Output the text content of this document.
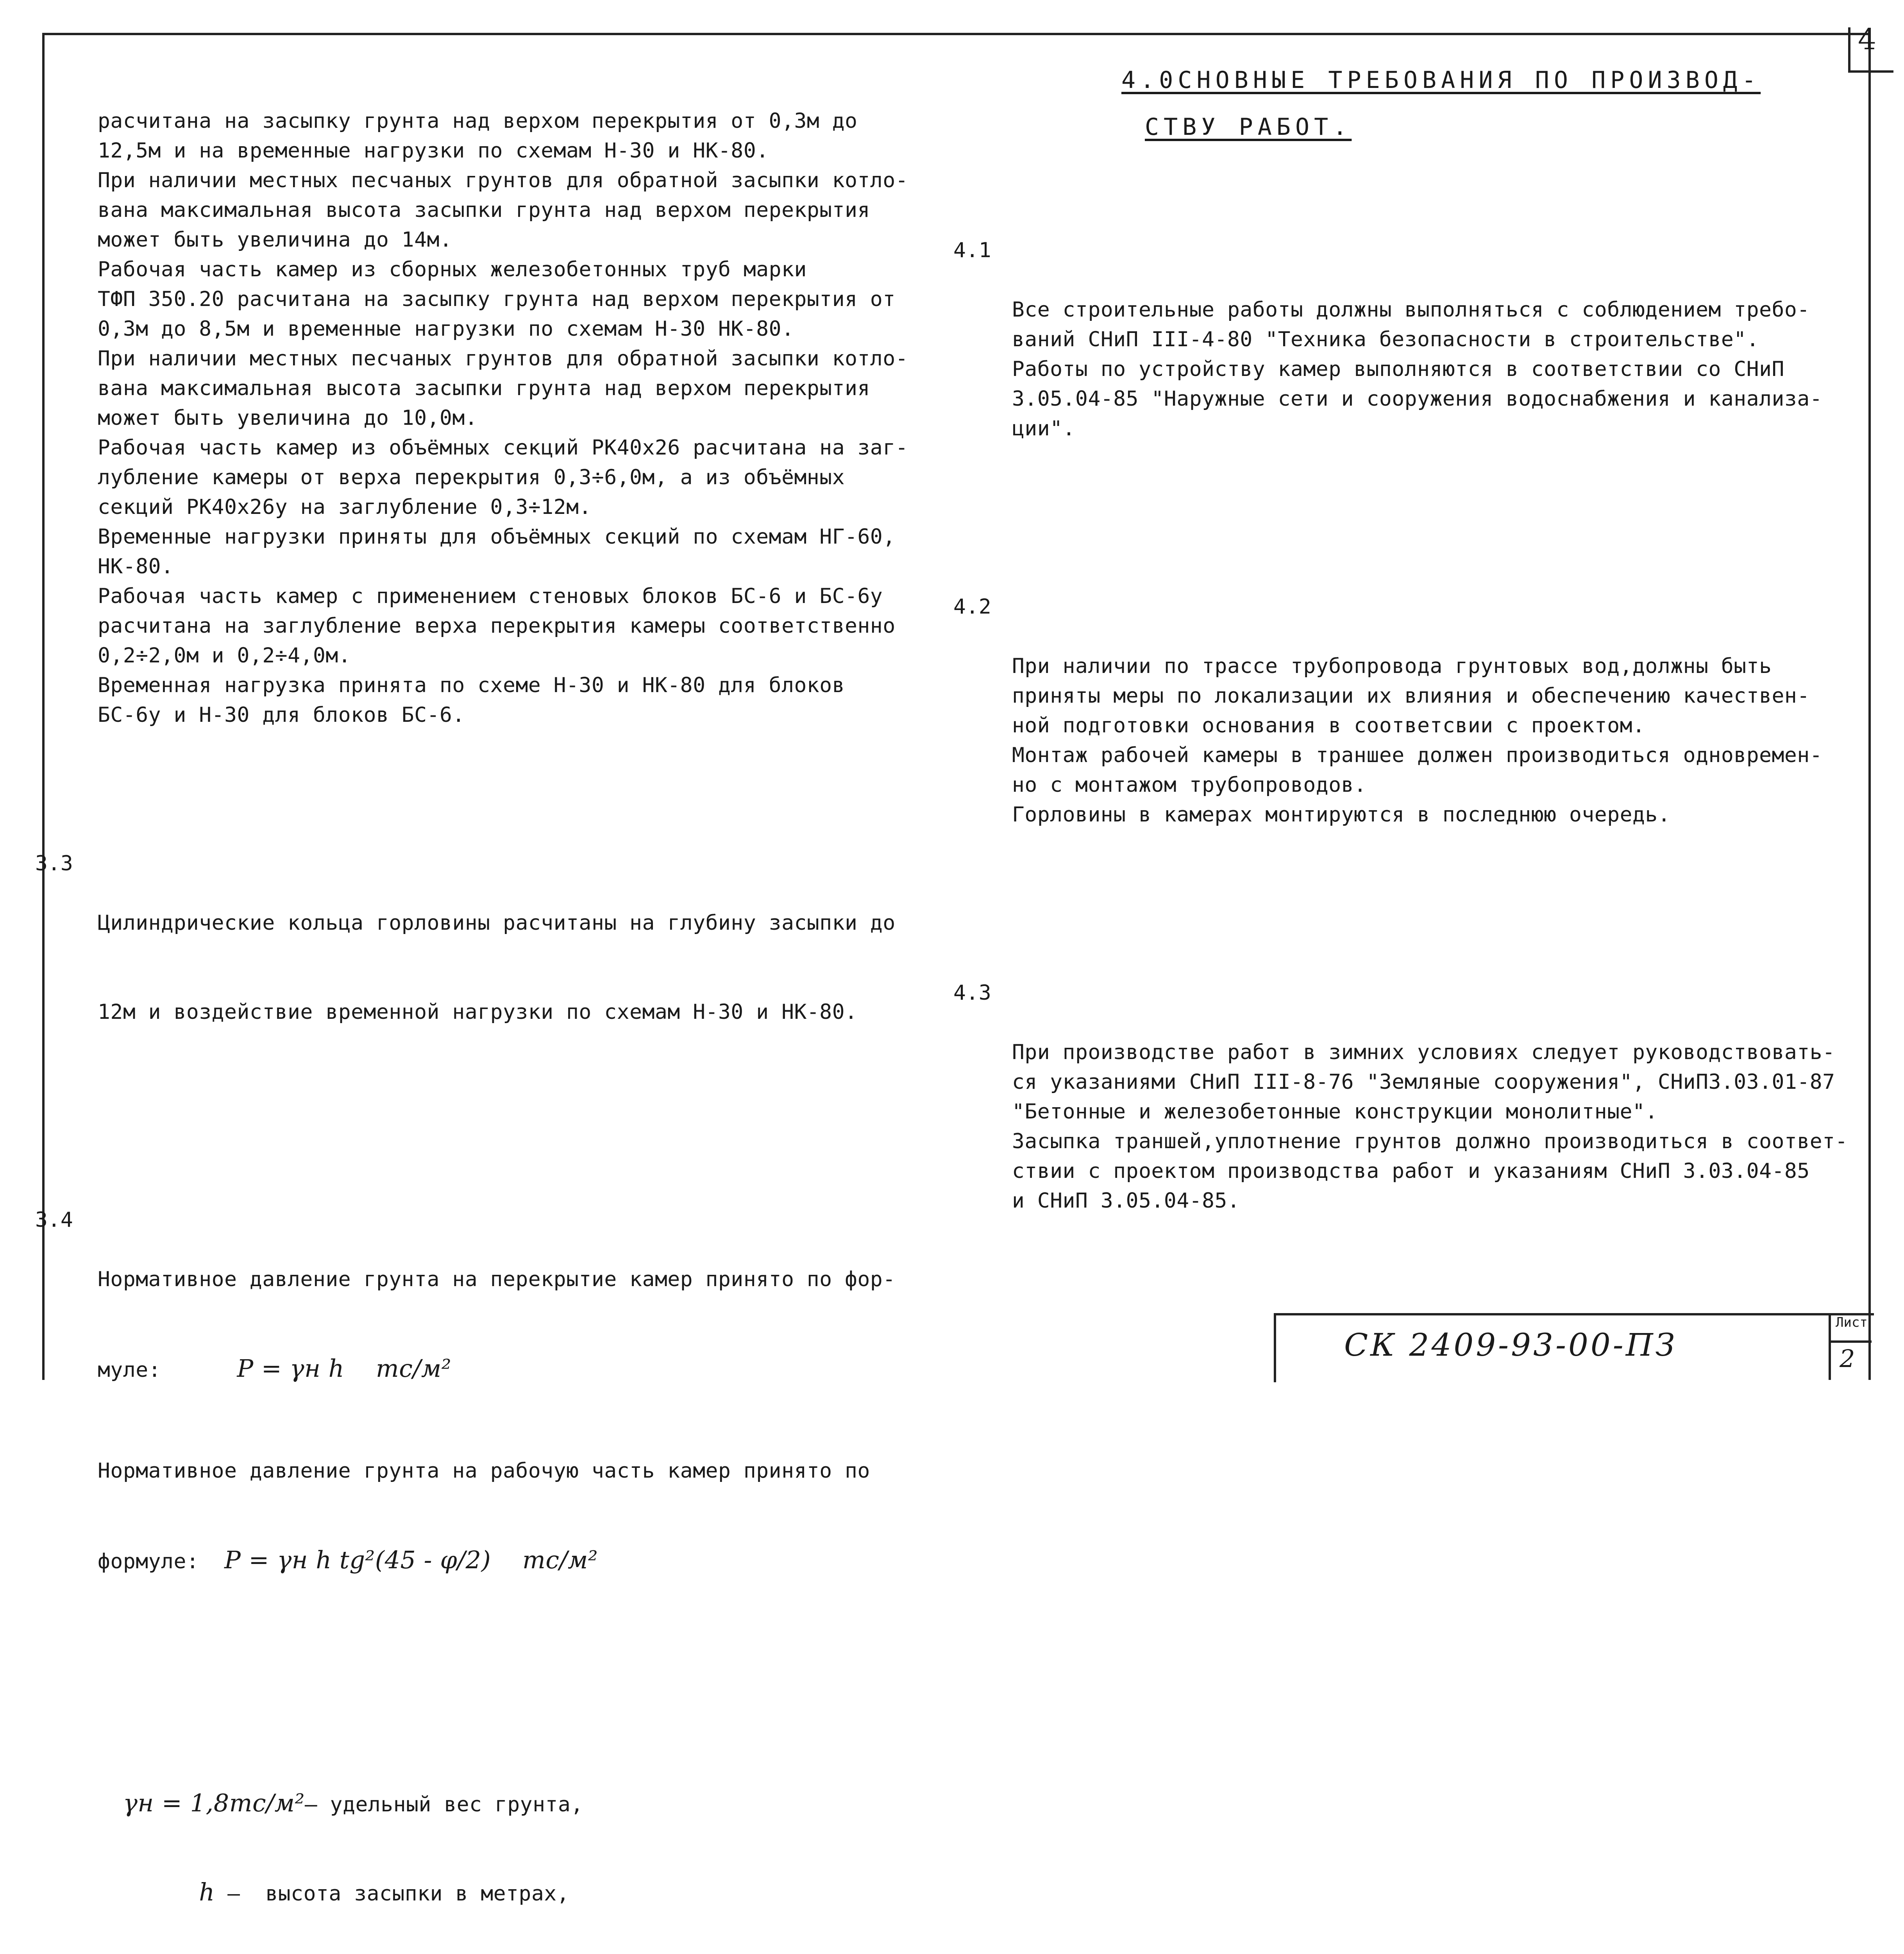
4

расчитана на засыпку грунта над верхом перекрытия от 0,3м до
12,5м и на временные нагрузки по схемам Н-30 и НК-80.
При наличии местных песчаных грунтов для обратной засыпки котло-
вана максимальная высота засыпки грунта над верхом перекрытия
может быть увеличина до 14м.
Рабочая часть камер из сборных железобетонных труб марки
ТФП 350.20 расчитана на засыпку грунта над верхом перекрытия от
0,3м до 8,5м и временные нагрузки по схемам Н-30 НК-80.
При наличии местных песчаных грунтов для обратной засыпки котло-
вана максимальная высота засыпки грунта над верхом перекрытия
может быть увеличина до 10,0м.
Рабочая часть камер из объёмных секций РК40х26 расчитана на заг-
лубление камеры от верха перекрытия 0,3÷6,0м, а из объёмных
секций РК40х26у на заглубление 0,3÷12м.
Временные нагрузки приняты для объёмных секций по схемам НГ-60,
НК-80.
Рабочая часть камер с применением стеновых блоков БС-6 и БС-6у
расчитана на заглубление верха перекрытия камеры соответственно
0,2÷2,0м и 0,2÷4,0м.
Временная нагрузка принята по схеме Н-30 и НК-80 для блоков
БС-6у и Н-30 для блоков БС-6.

3.3

Цилиндрические кольца горловины расчитаны на глубину засыпки до

12м и воздействие временной нагрузки по схемам Н-30 и НК-80.

3.4

Нормативное давление грунта на перекрытие камер принято по фор-

муле:	P = γн h    тс/м²

Нормативное давление грунта на рабочую часть камер принято по

формуле: P = γн h tg²(45 - φ/2)    тс/м²

γн = 1,8тс/м²– удельный вес грунта,

h –  высота засыпки в метрах,

4.0СНОВНЫЕ ТРЕБОВАНИЯ ПО ПРОИЗВОД-
СТВУ РАБОТ.

4.1

Все строительные работы должны выполняться с соблюдением требо-
ваний СНиП III-4-80 "Техника безопасности в строительстве".
Работы по устройству камер выполняются в соответствии со СНиП
3.05.04-85 "Наружные сети и сооружения водоснабжения и канализа-
ции".

4.2

При наличии по трассе трубопровода грунтовых вод,должны быть
приняты меры по локализации их влияния и обеспечению качествен-
ной подготовки основания в соответсвии с проектом.
Монтаж рабочей камеры в траншее должен производиться одновремен-
но с монтажом трубопроводов.
Горловины в камерах монтируются в последнюю очередь.

4.3

При производстве работ в зимних условиях следует руководствовать-
ся указаниями СНиП III-8-76 "Земляные сооружения", СНиП3.03.01-87
"Бетонные и железобетонные конструкции монолитные".
Засыпка траншей,уплотнение грунтов должно производиться в соответ-
ствии с проектом производства работ и указаниям СНиП 3.03.04-85
и СНиП 3.05.04-85.

СК 2409-93-00-ПЗ
Лист
2
